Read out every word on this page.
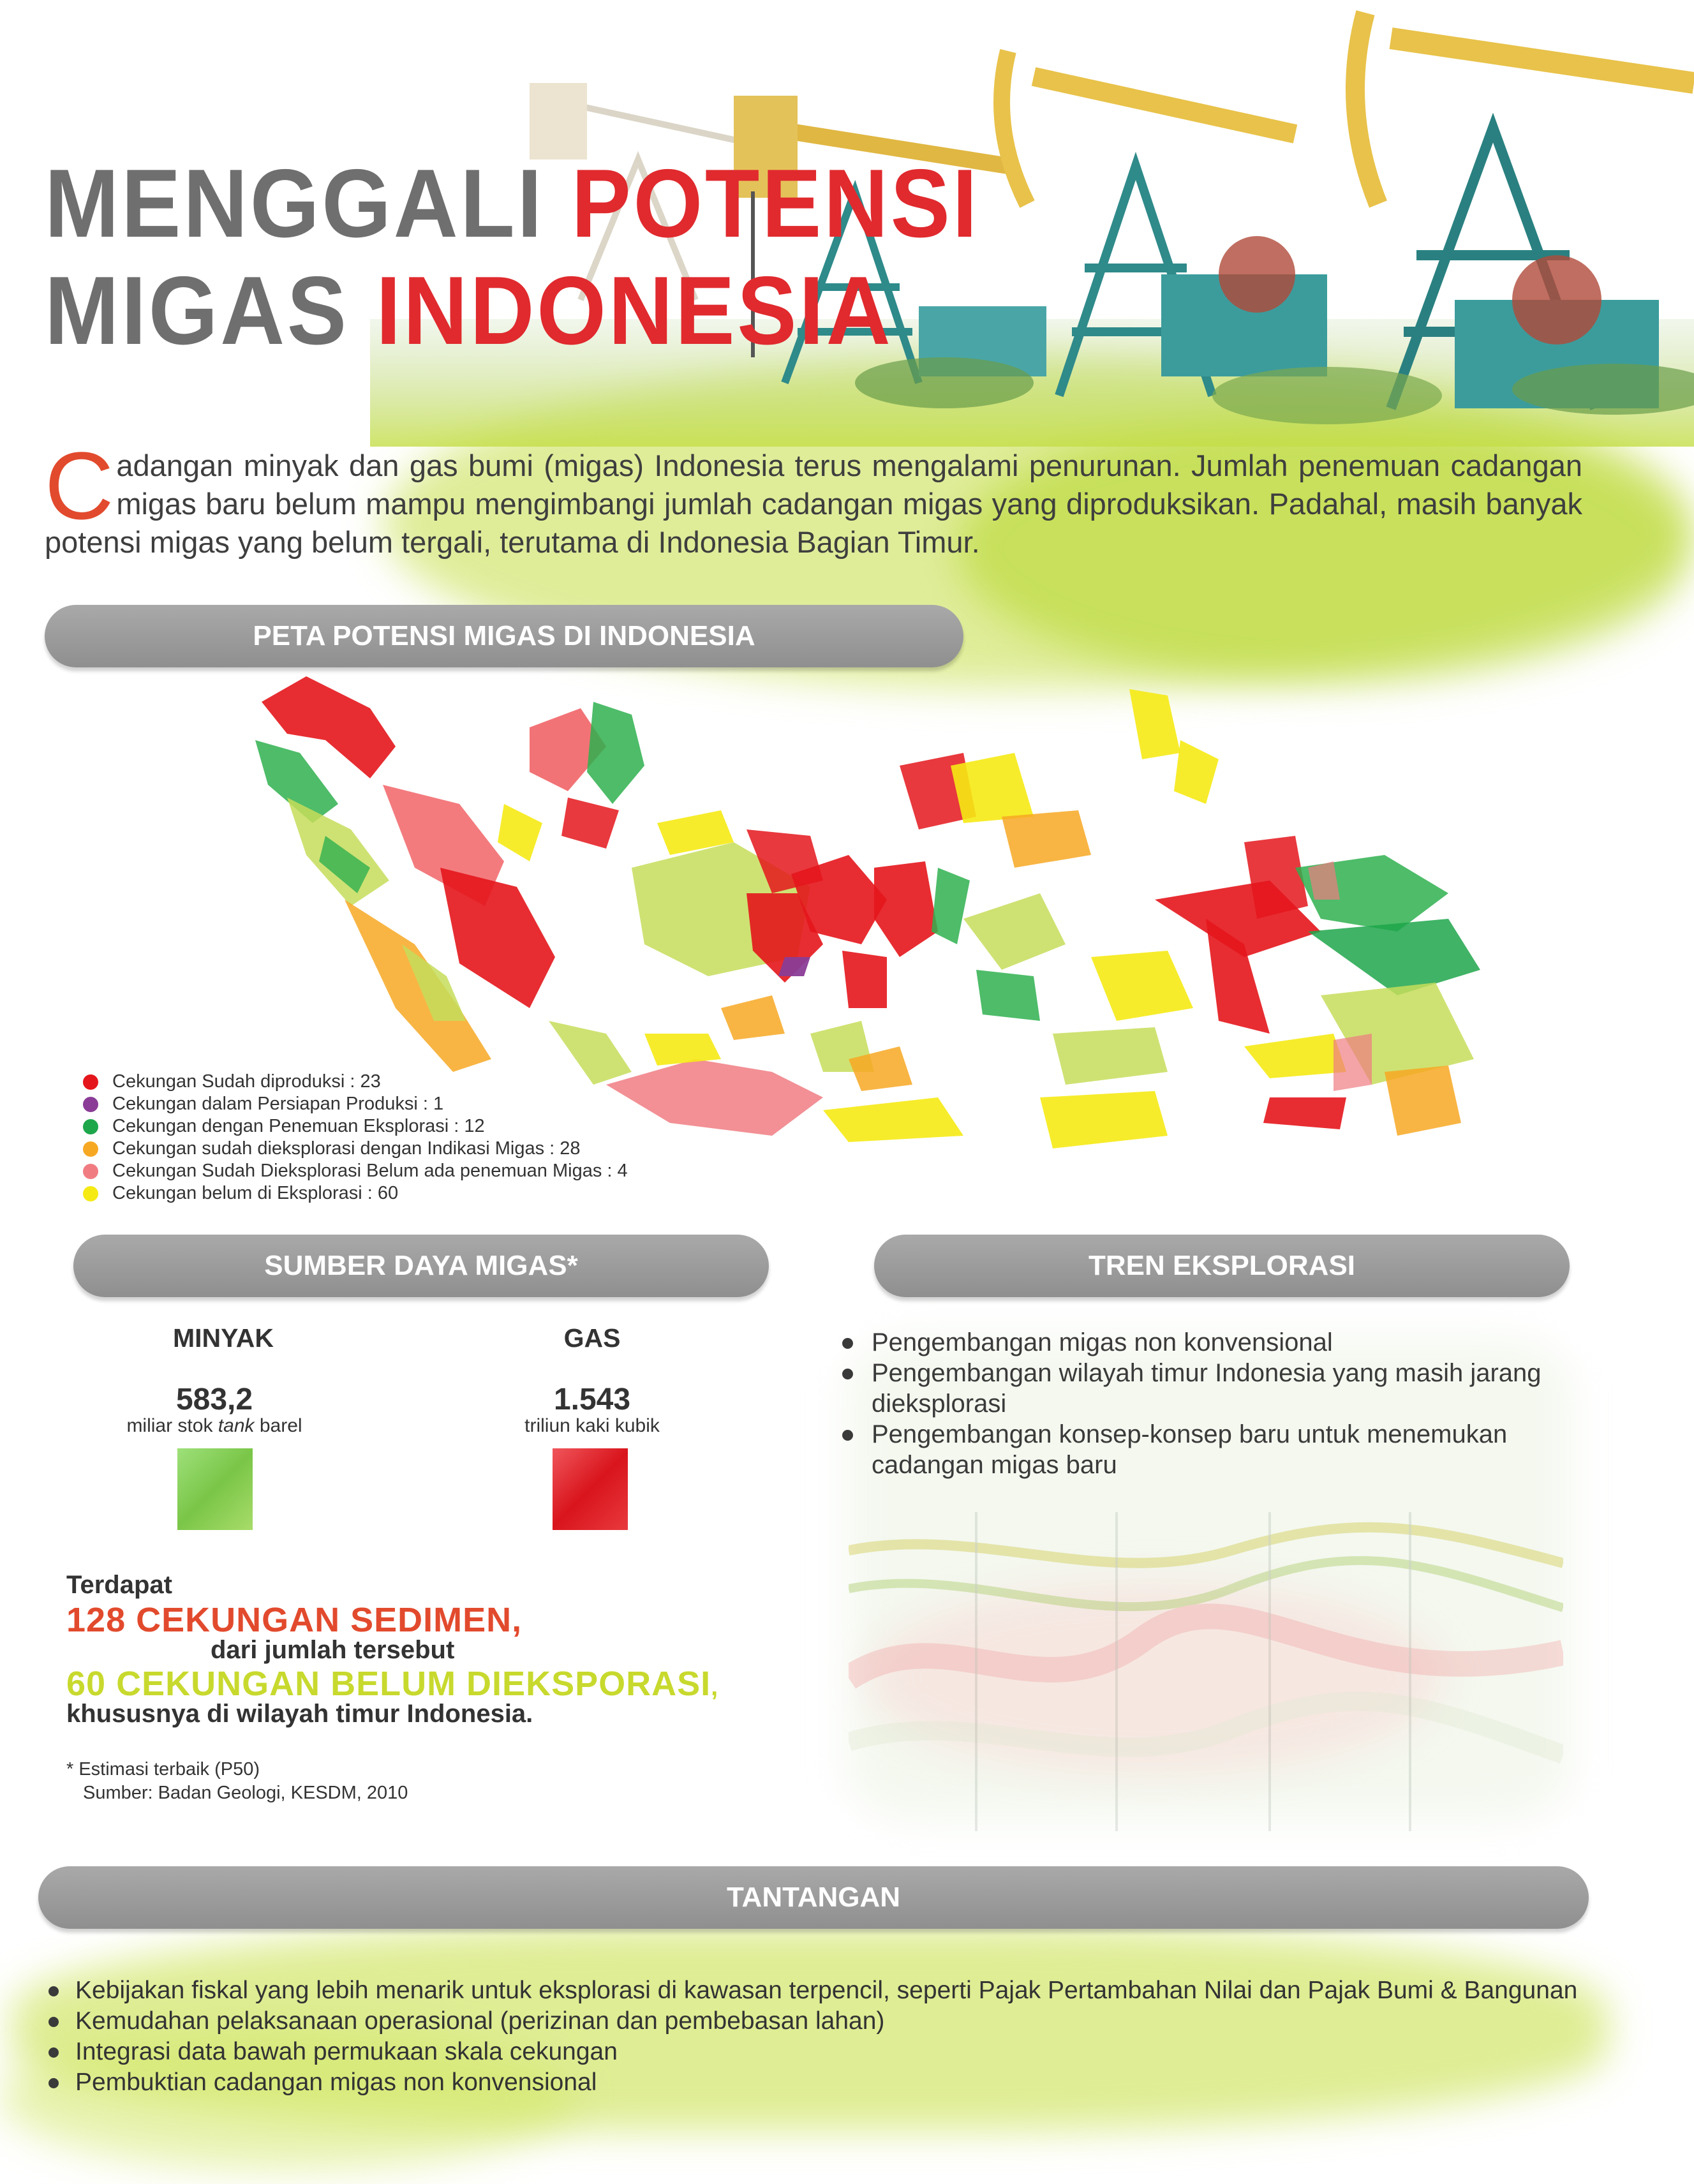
MENGGALI POTENSI
MIGAS INDONESIA
Cadangan minyak dan gas bumi (migas) Indonesia terus mengalami penurunan. Jumlah penemuan cadangan migas baru belum mampu mengimbangi jumlah cadangan migas yang diproduksikan. Padahal, masih banyak potensi migas yang belum tergali, terutama di Indonesia Bagian Timur.
PETA POTENSI MIGAS DI INDONESIA
Cekungan Sudah diproduksi : 23
Cekungan dalam Persiapan Produksi : 1
Cekungan dengan Penemuan Eksplorasi : 12
Cekungan sudah dieksplorasi dengan Indikasi Migas : 28
Cekungan Sudah Dieksplorasi Belum ada penemuan Migas : 4
Cekungan belum di Eksplorasi : 60
SUMBER DAYA MIGAS*
MINYAK
583,2
miliar stok tank barel
GAS
1.543
triliun kaki kubik
Terdapat
128 CEKUNGAN SEDIMEN,
dari jumlah tersebut
60 CEKUNGAN BELUM DIEKSPORASI,
khususnya di wilayah timur Indonesia.
* Estimasi terbaik (P50)
Sumber: Badan Geologi, KESDM, 2010
TREN EKSPLORASI
Pengembangan migas non konvensional
Pengembangan wilayah timur Indonesia yang masih jarang dieksplorasi
Pengembangan konsep-konsep baru untuk menemukan cadangan migas baru
TANTANGAN
Kebijakan fiskal yang lebih menarik untuk eksplorasi di kawasan terpencil, seperti Pajak Pertambahan Nilai dan Pajak Bumi & Bangunan
Kemudahan pelaksanaan operasional (perizinan dan pembebasan lahan)
Integrasi data bawah permukaan skala cekungan
Pembuktian cadangan migas non konvensional
